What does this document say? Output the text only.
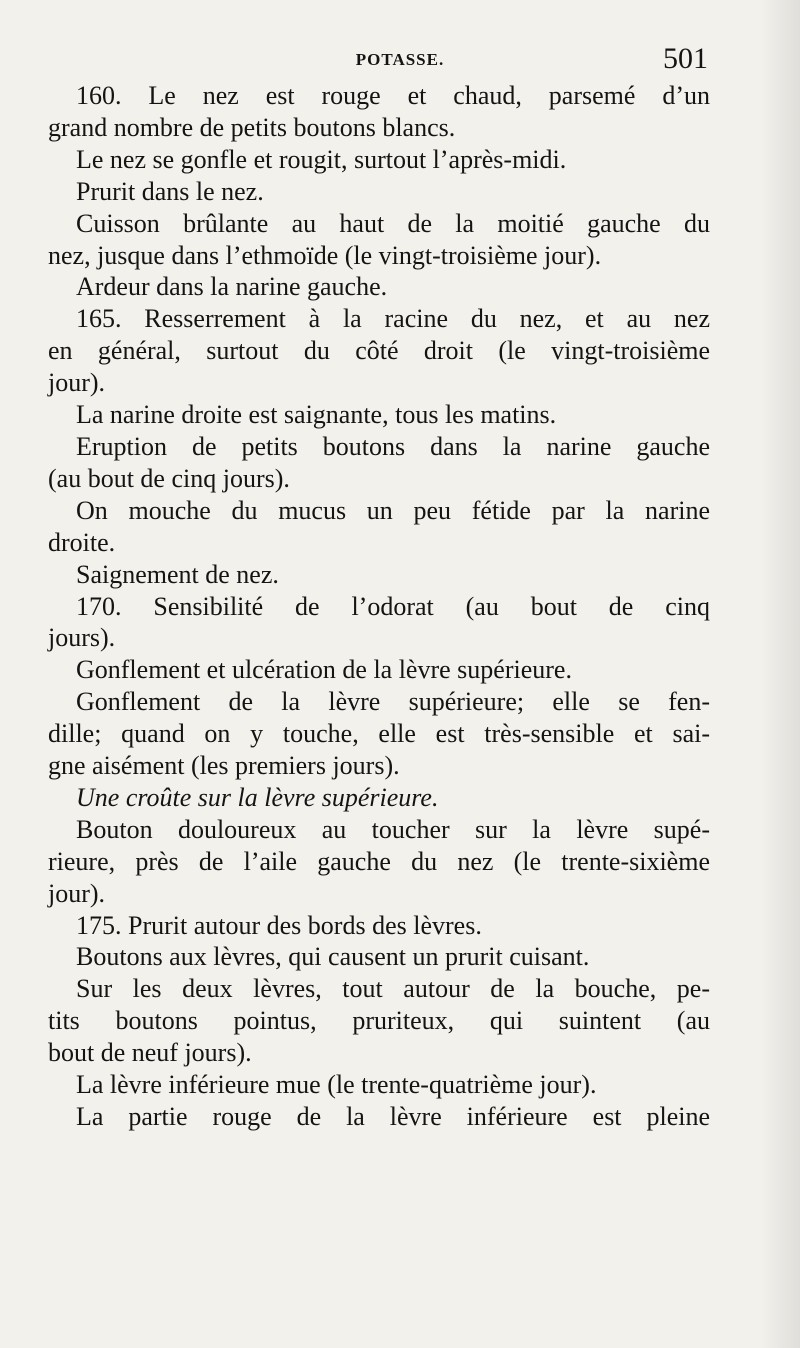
POTASSE.	501
160. Le nez est rouge et chaud, parsemé d’un
grand nombre de petits boutons blancs.
Le nez se gonfle et rougit, surtout l’après-midi.
Prurit dans le nez.
Cuisson brûlante au haut de la moitié gauche du
nez, jusque dans l’ethmoïde (le vingt-troisième jour).
Ardeur dans la narine gauche.
165. Resserrement à la racine du nez, et au nez
en général, surtout du côté droit (le vingt-troisième
jour).
La narine droite est saignante, tous les matins.
Eruption de petits boutons dans la narine gauche
(au bout de cinq jours).
On mouche du mucus un peu fétide par la narine
droite.
Saignement de nez.
170. Sensibilité de l’odorat (au bout de cinq
jours).
Gonflement et ulcération de la lèvre supérieure.
Gonflement de la lèvre supérieure; elle se fen-
dille; quand on y touche, elle est très-sensible et sai-
gne aisément (les premiers jours).
Une croûte sur la lèvre supérieure.
Bouton douloureux au toucher sur la lèvre supé-
rieure, près de l’aile gauche du nez (le trente-sixième
jour).
175. Prurit autour des bords des lèvres.
Boutons aux lèvres, qui causent un prurit cuisant.
Sur les deux lèvres, tout autour de la bouche, pe-
tits boutons pointus, pruriteux, qui suintent (au
bout de neuf jours).
La lèvre inférieure mue (le trente-quatrième jour).
La partie rouge de la lèvre inférieure est pleine
